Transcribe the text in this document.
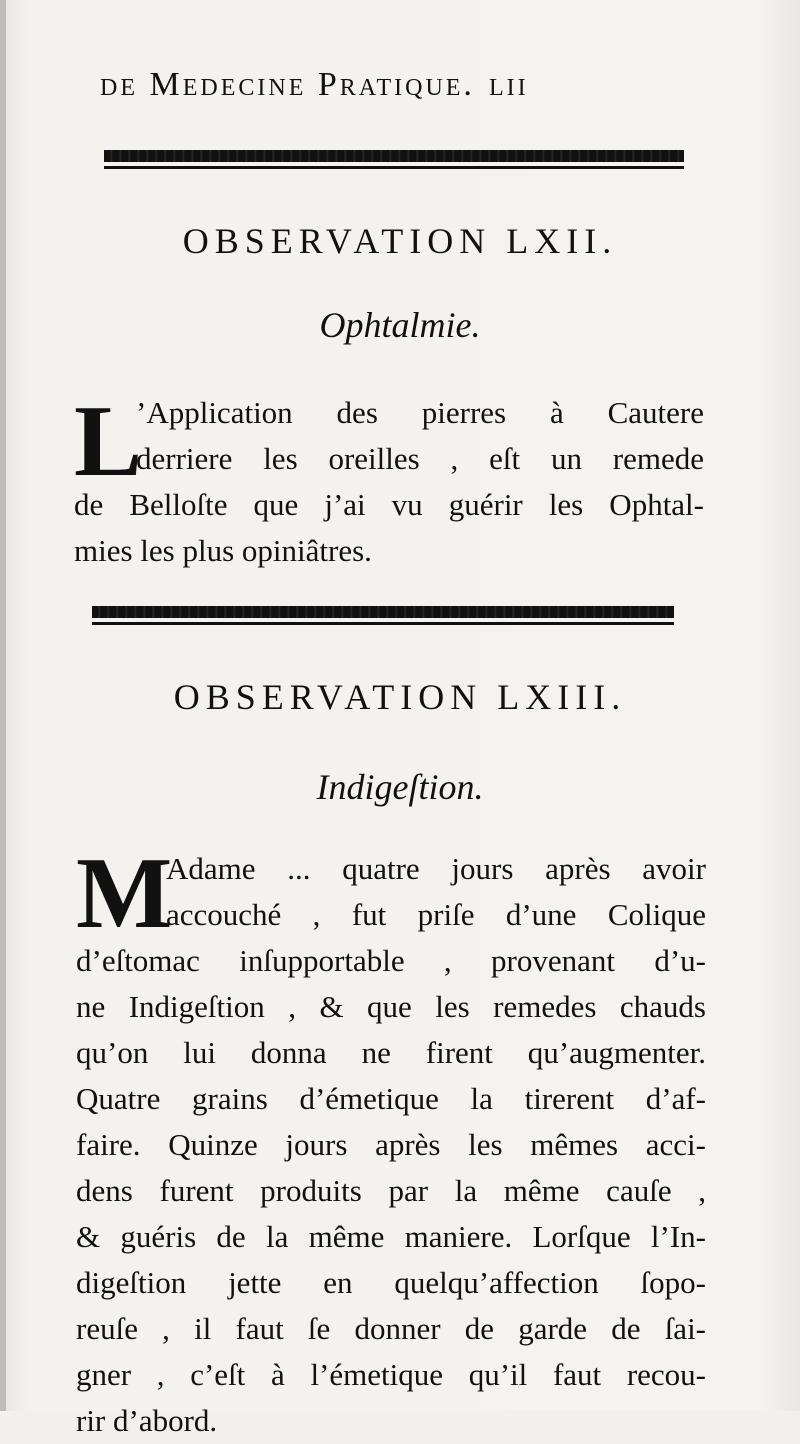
de Medecine Pratique. lii
OBSERVATION LXII.
Ophtalmie.
L
’Application des pierres à Cautere
derriere les oreilles , eſt un remede
de Belloſte que j’ai vu guérir les Ophtal-
mies les plus opiniâtres.
OBSERVATION LXIII.
Indigeſtion.
M
Adame ... quatre jours après avoir
accouché , fut priſe d’une Colique
d’eſtomac inſupportable , provenant d’u-
ne Indigeſtion , & que les remedes chauds
qu’on lui donna ne firent qu’augmenter.
Quatre grains d’émetique la tirerent d’af-
faire. Quinze jours après les mêmes acci-
dens furent produits par la même cauſe ,
& guéris de la même maniere. Lorſque l’In-
digeſtion jette en quelqu’affection ſopo-
reuſe , il faut ſe donner de garde de ſai-
gner , c’eſt à l’émetique qu’il faut recou-
rir d’abord.
